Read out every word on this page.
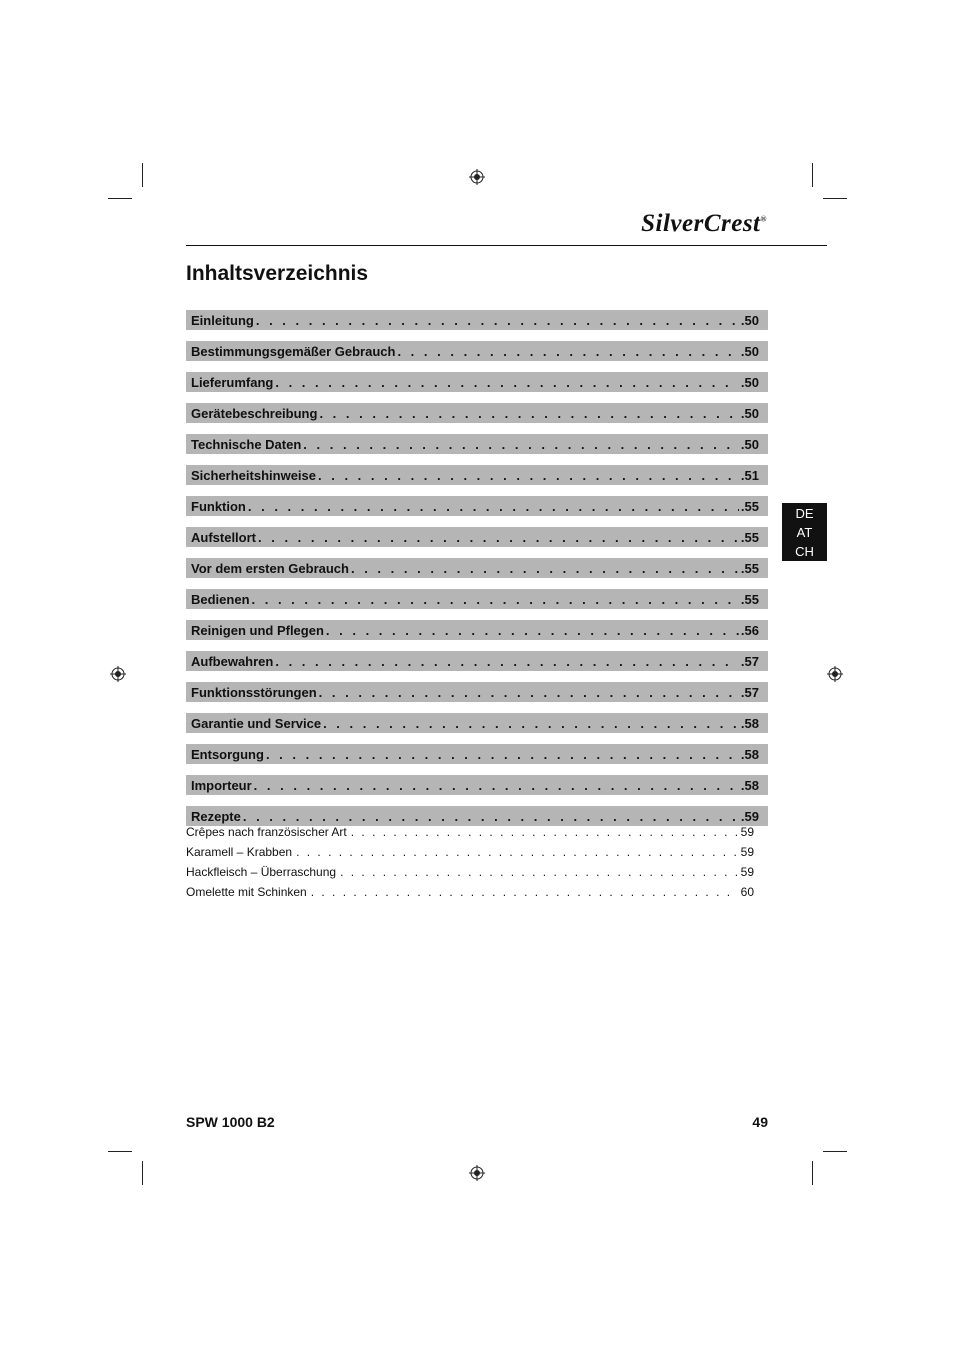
SilverCrest®
Inhaltsverzeichnis
Einleitung . . .	.50
Bestimmungsgemäßer Gebrauch . . .	.50
Lieferumfang . . .	.50
Gerätebeschreibung . . .	.50
Technische Daten . . .	.50
Sicherheitshinweise . . .	.51
Funktion . . .	.55
Aufstellort . . .	.55
Vor dem ersten Gebrauch . . .	.55
Bedienen . . .	.55
Reinigen und Pflegen . . .	.56
Aufbewahren . . .	.57
Funktionsstörungen . . .	.57
Garantie und Service . . .	.58
Entsorgung . . .	.58
Importeur . . .	.58
Rezepte . . .	.59
Crêpes nach französischer Art . . .	59
Karamell – Krabben . . .	59
Hackfleisch – Überraschung . . .	59
Omelette mit Schinken . . .	60
DE
AT
CH
SPW 1000 B2	49
